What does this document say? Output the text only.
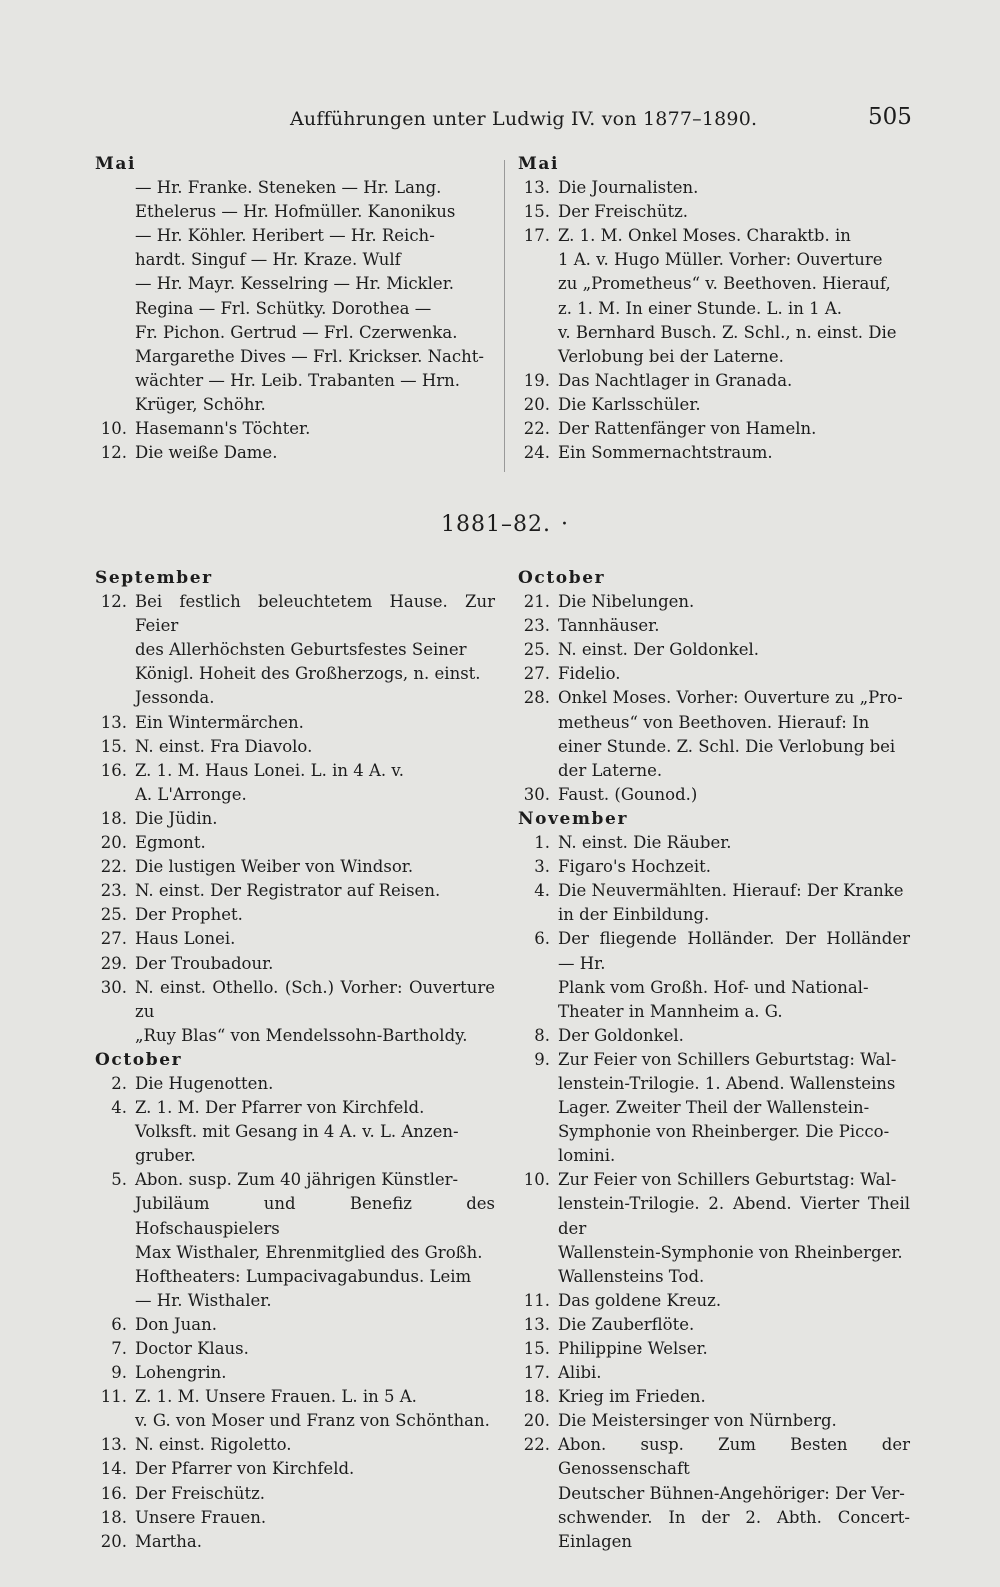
Aufführungen unter Ludwig IV. von 1877–1890.	505
Mai
— Hr. Franke. Steneken — Hr. Lang.
Ethelerus — Hr. Hofmüller. Kanonikus
— Hr. Köhler. Heribert — Hr. Reich-
hardt. Singuf — Hr. Kraze. Wulf
— Hr. Mayr. Kesselring — Hr. Mickler.
Regina — Frl. Schütky. Dorothea —
Fr. Pichon. Gertrud — Frl. Czerwenka.
Margarethe Dives — Frl. Krickser. Nacht-
wächter — Hr. Leib. Trabanten — Hrn.
Krüger, Schöhr.
10. Hasemann's Töchter.
12. Die weiße Dame.
Mai
13. Die Journalisten.
15. Der Freischütz.
17. Z. 1. M. Onkel Moses. Charaktb. in
1 A. v. Hugo Müller. Vorher: Ouverture
zu „Prometheus“ v. Beethoven. Hierauf,
z. 1. M. In einer Stunde. L. in 1 A.
v. Bernhard Busch. Z. Schl., n. einst. Die
Verlobung bei der Laterne.
19. Das Nachtlager in Granada.
20. Die Karlsschüler.
22. Der Rattenfänger von Hameln.
24. Ein Sommernachtstraum.
1881–82. ·
September
12. Bei festlich beleuchtetem Hause. Zur Feier
des Allerhöchsten Geburtsfestes Seiner
Königl. Hoheit des Großherzogs, n. einst.
Jessonda.
13. Ein Wintermärchen.
15. N. einst. Fra Diavolo.
16. Z. 1. M. Haus Lonei. L. in 4 A. v.
A. L'Arronge.
18. Die Jüdin.
20. Egmont.
22. Die lustigen Weiber von Windsor.
23. N. einst. Der Registrator auf Reisen.
25. Der Prophet.
27. Haus Lonei.
29. Der Troubadour.
30. N. einst. Othello. (Sch.) Vorher: Ouverture zu
„Ruy Blas“ von Mendelssohn-Bartholdy.
October
2. Die Hugenotten.
4. Z. 1. M. Der Pfarrer von Kirchfeld.
Volksft. mit Gesang in 4 A. v. L. Anzen-
gruber.
5. Abon. susp. Zum 40 jährigen Künstler-
Jubiläum und Benefiz des Hofschauspielers
Max Wisthaler, Ehrenmitglied des Großh.
Hoftheaters: Lumpacivagabundus. Leim
— Hr. Wisthaler.
6. Don Juan.
7. Doctor Klaus.
9. Lohengrin.
11. Z. 1. M. Unsere Frauen. L. in 5 A.
v. G. von Moser und Franz von Schönthan.
13. N. einst. Rigoletto.
14. Der Pfarrer von Kirchfeld.
16. Der Freischütz.
18. Unsere Frauen.
20. Martha.
October
21. Die Nibelungen.
23. Tannhäuser.
25. N. einst. Der Goldonkel.
27. Fidelio.
28. Onkel Moses. Vorher: Ouverture zu „Pro-
metheus“ von Beethoven. Hierauf: In
einer Stunde. Z. Schl. Die Verlobung bei
der Laterne.
30. Faust. (Gounod.)
November
1. N. einst. Die Räuber.
3. Figaro's Hochzeit.
4. Die Neuvermählten. Hierauf: Der Kranke
in der Einbildung.
6. Der fliegende Holländer. Der Holländer — Hr.
Plank vom Großh. Hof- und National-
Theater in Mannheim a. G.
8. Der Goldonkel.
9. Zur Feier von Schillers Geburtstag: Wal-
lenstein-Trilogie. 1. Abend. Wallensteins
Lager. Zweiter Theil der Wallenstein-
Symphonie von Rheinberger. Die Picco-
lomini.
10. Zur Feier von Schillers Geburtstag: Wal-
lenstein-Trilogie. 2. Abend. Vierter Theil der
Wallenstein-Symphonie von Rheinberger.
Wallensteins Tod.
11. Das goldene Kreuz.
13. Die Zauberflöte.
15. Philippine Welser.
17. Alibi.
18. Krieg im Frieden.
20. Die Meistersinger von Nürnberg.
22. Abon. susp. Zum Besten der Genossenschaft
Deutscher Bühnen-Angehöriger: Der Ver-
schwender. In der 2. Abth. Concert-Einlagen
